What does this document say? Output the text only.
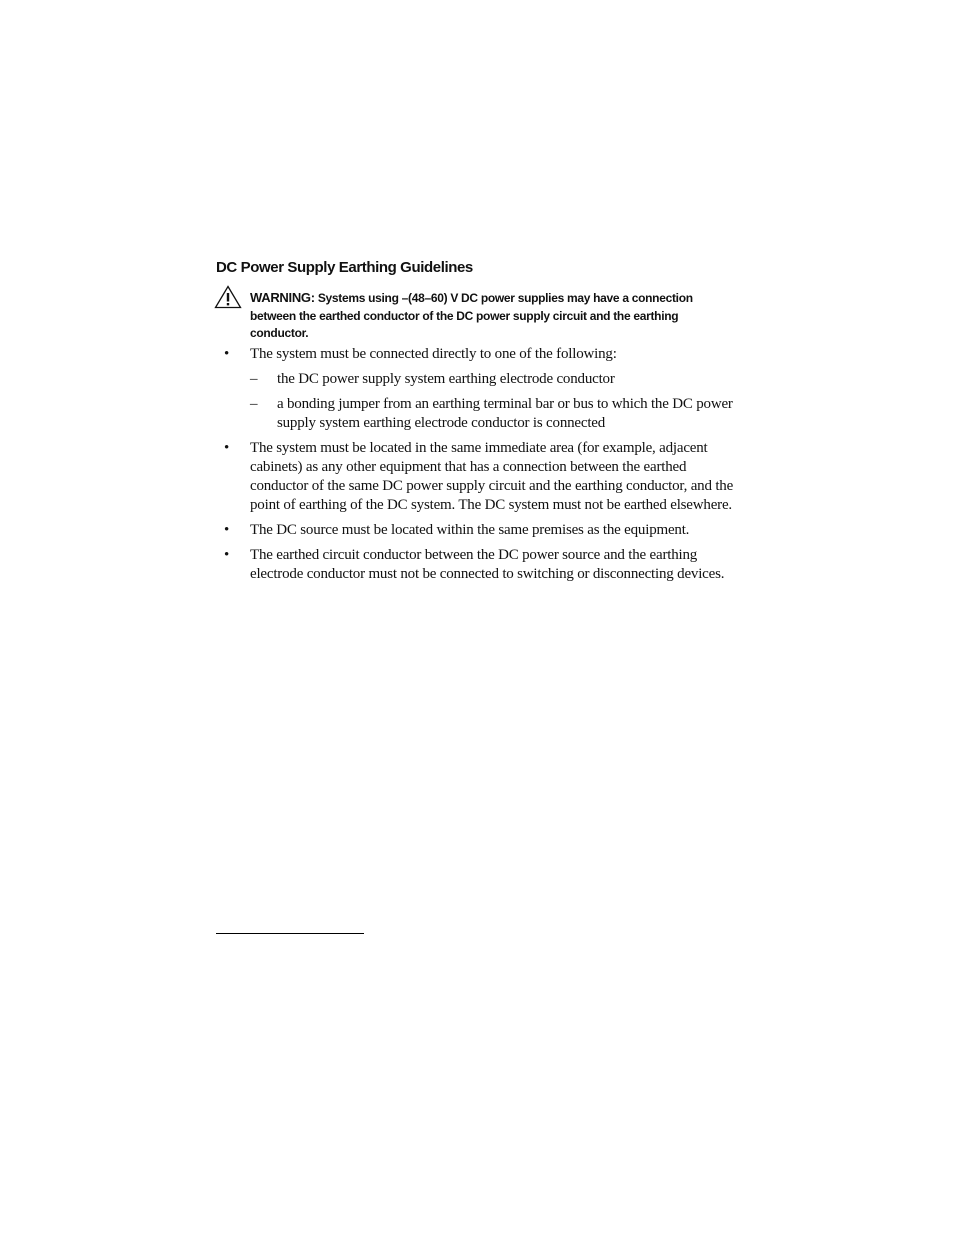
DC Power Supply Earthing Guidelines
WARNING: Systems using –(48–60) V DC power supplies may have a connection between the earthed conductor of the DC power supply circuit and the earthing conductor.
• The system must be connected directly to one of the following:
– the DC power supply system earthing electrode conductor
– a bonding jumper from an earthing terminal bar or bus to which the DC power supply system earthing electrode conductor is connected
• The system must be located in the same immediate area (for example, adjacent cabinets) as any other equipment that has a connection between the earthed conductor of the same DC power supply circuit and the earthing conductor, and the point of earthing of the DC system. The DC system must not be earthed elsewhere.
• The DC source must be located within the same premises as the equipment.
• The earthed circuit conductor between the DC power source and the earthing electrode conductor must not be connected to switching or disconnecting devices.
